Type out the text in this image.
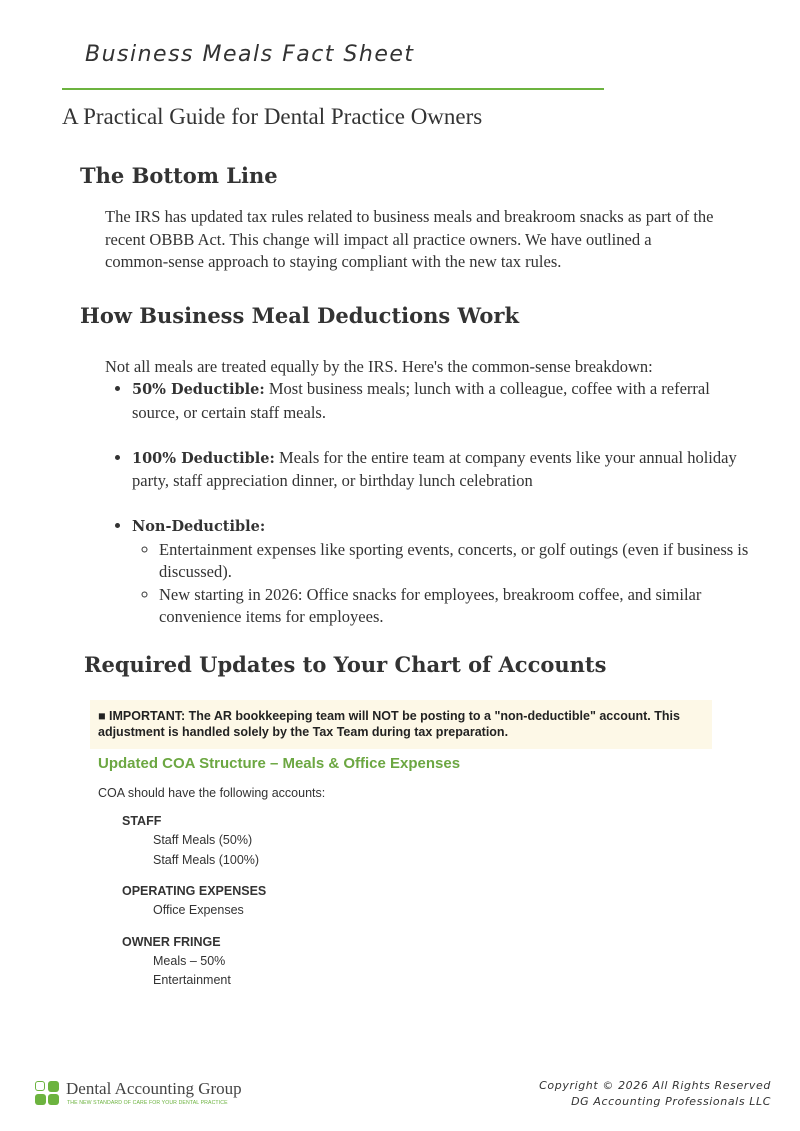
Business Meals Fact Sheet
A Practical Guide for Dental Practice Owners
The Bottom Line
The IRS has updated tax rules related to business meals and breakroom snacks as part of the recent OBBB Act. This change will impact all practice owners. We have outlined a common-sense approach to staying compliant with the new tax rules.
How Business Meal Deductions Work
Not all meals are treated equally by the IRS. Here's the common-sense breakdown:
• 50% Deductible: Most business meals; lunch with a colleague, coffee with a referral source, or certain staff meals.
• 100% Deductible: Meals for the entire team at company events like your annual holiday party, staff appreciation dinner, or birthday lunch celebration
• Non-Deductible:
◦ Entertainment expenses like sporting events, concerts, or golf outings (even if business is discussed).
◦ New starting in 2026: Office snacks for employees, breakroom coffee, and similar convenience items for employees.
Required Updates to Your Chart of Accounts
■ IMPORTANT: The AR bookkeeping team will NOT be posting to a "non-deductible" account. This adjustment is handled solely by the Tax Team during tax preparation.
Updated COA Structure – Meals & Office Expenses
COA should have the following accounts:
STAFF
Staff Meals (50%)
Staff Meals (100%)
OPERATING EXPENSES
Office Expenses
OWNER FRINGE
Meals – 50%
Entertainment
Dental Accounting Group
THE NEW STANDARD OF CARE FOR YOUR DENTAL PRACTICE
Copyright © 2026 All Rights Reserved
DG Accounting Professionals LLC
